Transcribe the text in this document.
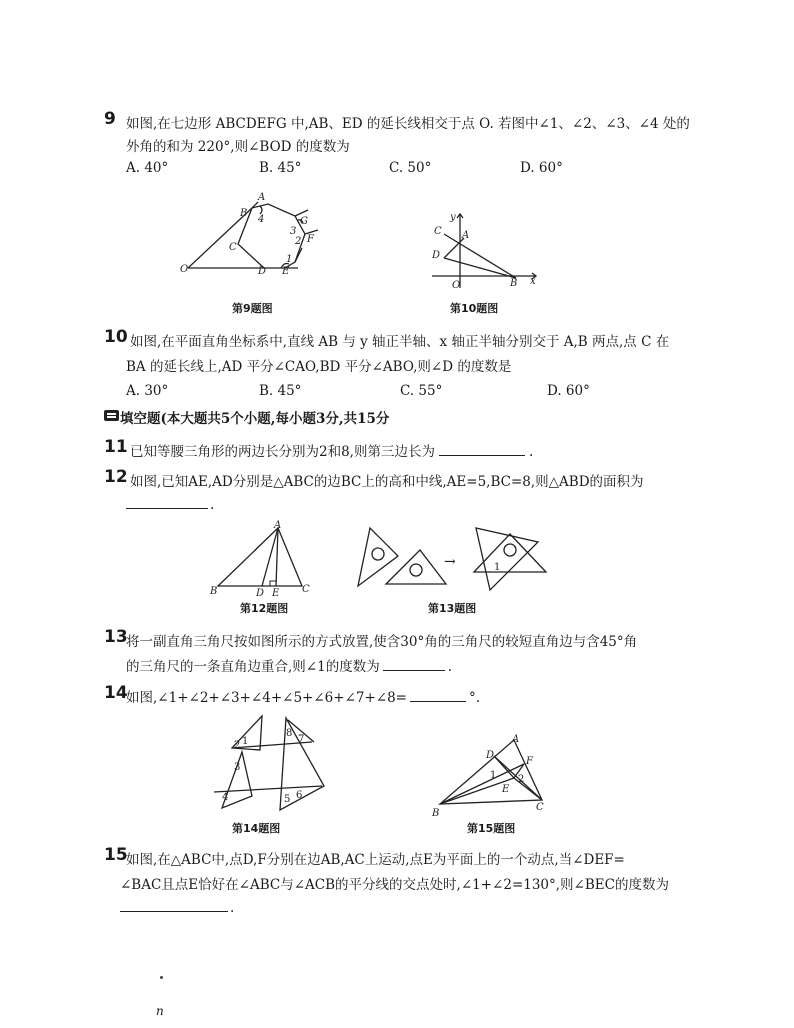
9 如图,在七边形 ABCDEFG 中,AB、ED 的延长线相交于点 O. 若图中∠1、∠2、∠3、∠4 处的
外角的和为 220°,则∠BOD 的度数为
A. 40°	B. 45°	C. 50°	D. 60°
O
B
A
C
D E
F
G
4
3
2
1
第9题图
y
A
C
D
O	B x
第10题图
10 如图,在平面直角坐标系中,直线 AB 与 y 轴正半轴、x 轴正半轴分别交于 A,B 两点,点 C 在
BA 的延长线上,AD 平分∠CAO,BD 平分∠ABO,则∠D 的度数是
A. 30°	B. 45°	C. 55°	D. 60°
填空题(本大题共5个小题,每小题3分,共15分
11 已知等腰三角形的两边长分别为2和8,则第三边长为	.
12 如图,已知AE,AD分别是△ABC的边BC上的高和中线,AE=5,BC=8,则△ABD的面积为
.
A
B	D E C
第12题图
→	1
第13题图
13
将一副直角三角尺按如图所示的方式放置,使含30°角的三角尺的较短直角边与含45°角
的三角尺的一条直角边重合,则∠1的度数为	.
14
如图,∠1+∠2+∠3+∠4+∠5+∠6+∠7+∠8=	°.
1
2
3
4	5 6
7
8
第14题图
A
D
F
1 2
E
B
C
第15题图
15
如图,在△ABC中,点D,F分别在边AB,AC上运动,点E为平面上的一个动点,当∠DEF=
∠BAC且点E恰好在∠ABC与∠ACB的平分线的交点处时,∠1+∠2=130°,则∠BEC的度数为
.
n
